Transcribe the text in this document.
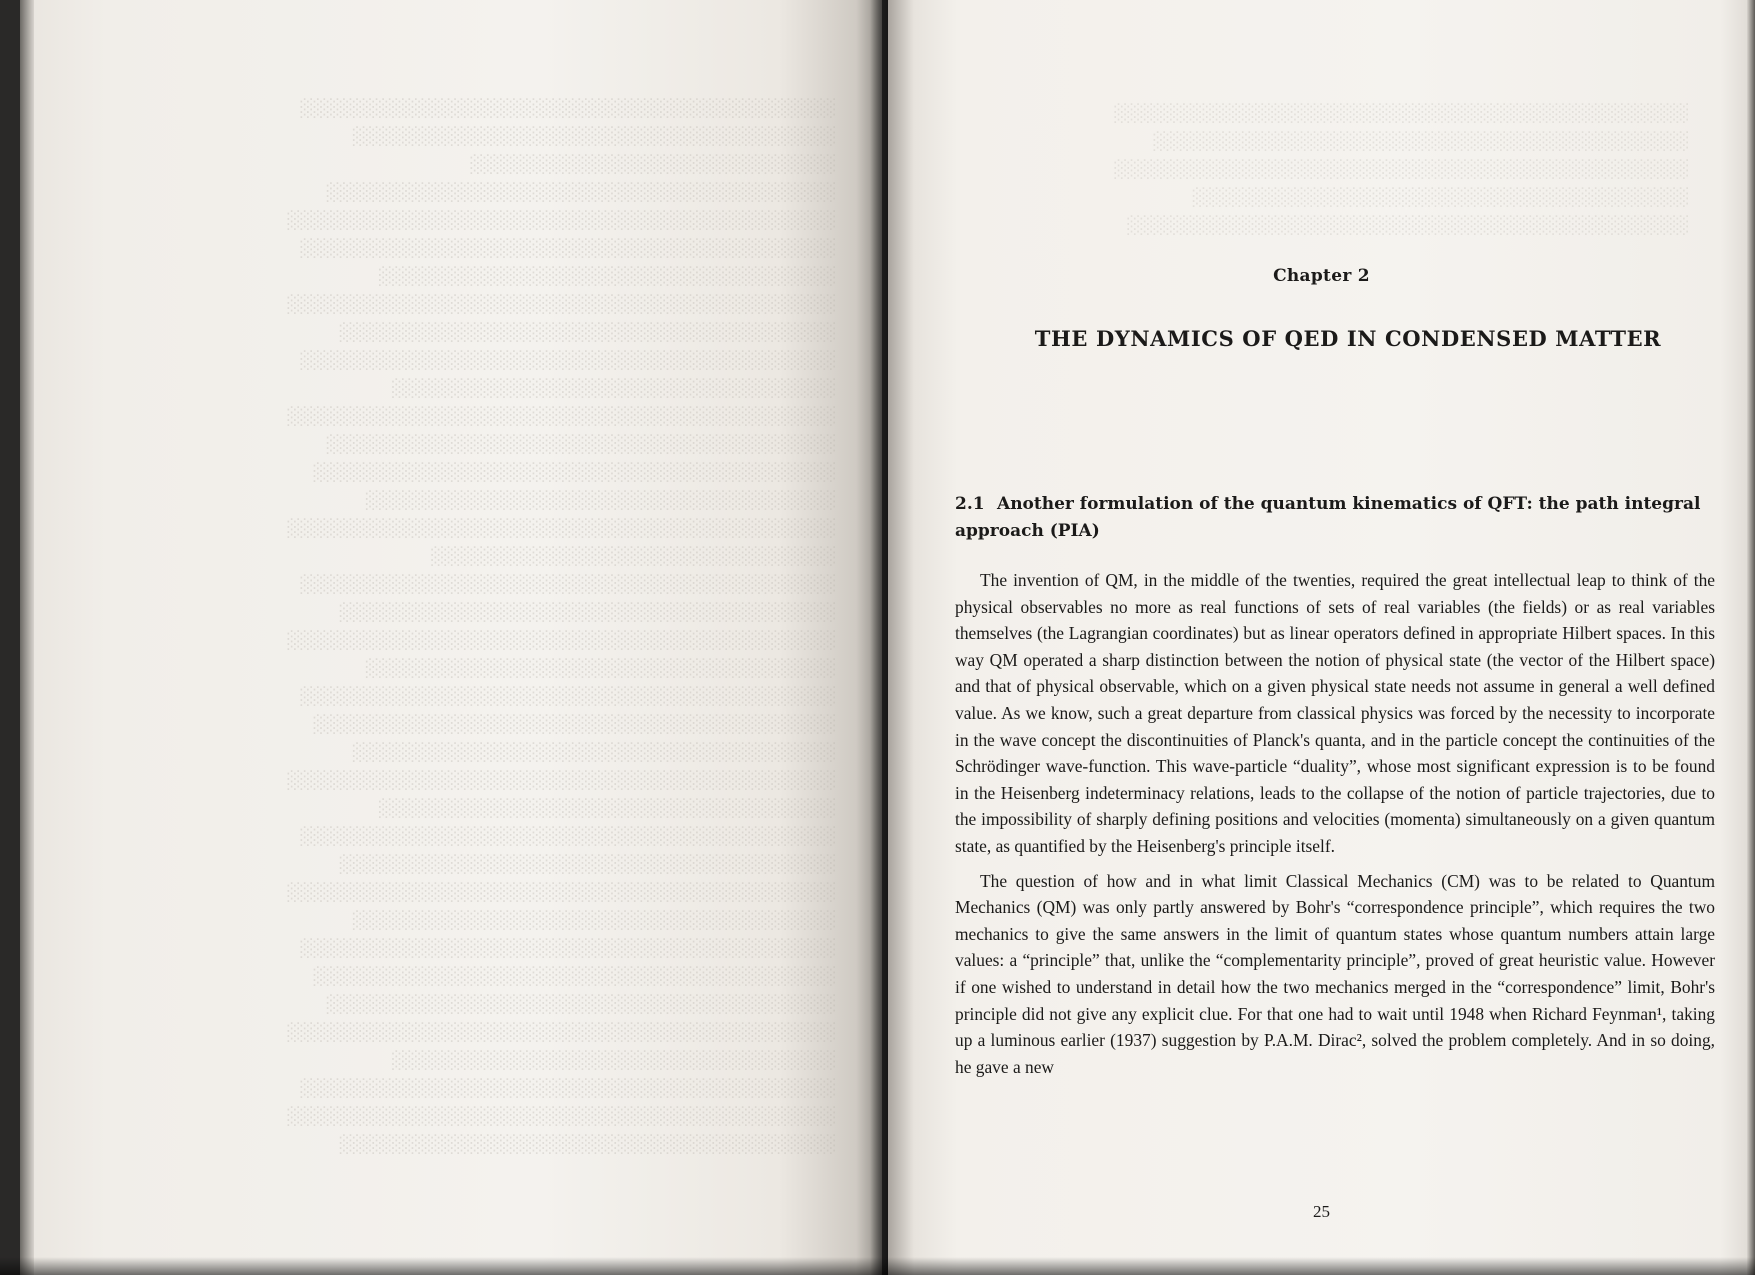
░░░░░░░░░░░░░░░░░░░░░░░░░░░░░░░░░░░░░░░░░
░░░░░░░░░░░░░░░░░░░░░░░░░░░░░░░░░░░░░
░░░░░░░░░░░░░░░░░░░░░░░░░░░░
░░░░░░░░░░░░░░░░░░░░░░░░░░░░░░░░░░░░░░░
░░░░░░░░░░░░░░░░░░░░░░░░░░░░░░░░░░░░░░░░░░
░░░░░░░░░░░░░░░░░░░░░░░░░░░░░░░░░░░░░░░░░
░░░░░░░░░░░░░░░░░░░░░░░░░░░░░░░░░░░
░░░░░░░░░░░░░░░░░░░░░░░░░░░░░░░░░░░░░░░░░░
░░░░░░░░░░░░░░░░░░░░░░░░░░░░░░░░░░░░░░
░░░░░░░░░░░░░░░░░░░░░░░░░░░░░░░░░░░░░░░░░
░░░░░░░░░░░░░░░░░░░░░░░░░░░░░░░░░░
░░░░░░░░░░░░░░░░░░░░░░░░░░░░░░░░░░░░░░░░░░
░░░░░░░░░░░░░░░░░░░░░░░░░░░░░░░░░░░░░░░
░░░░░░░░░░░░░░░░░░░░░░░░░░░░░░░░░░░░░░░░
░░░░░░░░░░░░░░░░░░░░░░░░░░░░░░░░░░░░
░░░░░░░░░░░░░░░░░░░░░░░░░░░░░░░░░░░░░░░░░░
░░░░░░░░░░░░░░░░░░░░░░░░░░░░░░░
░░░░░░░░░░░░░░░░░░░░░░░░░░░░░░░░░░░░░░░░░
░░░░░░░░░░░░░░░░░░░░░░░░░░░░░░░░░░░░░░
░░░░░░░░░░░░░░░░░░░░░░░░░░░░░░░░░░░░░░░░░░
░░░░░░░░░░░░░░░░░░░░░░░░░░░░░░░░░░░░
░░░░░░░░░░░░░░░░░░░░░░░░░░░░░░░░░░░░░░░░░
░░░░░░░░░░░░░░░░░░░░░░░░░░░░░░░░░░░░░░░░
░░░░░░░░░░░░░░░░░░░░░░░░░░░░░░░░░░░░░
░░░░░░░░░░░░░░░░░░░░░░░░░░░░░░░░░░░░░░░░░░
░░░░░░░░░░░░░░░░░░░░░░░░░░░░░░░░░░░
░░░░░░░░░░░░░░░░░░░░░░░░░░░░░░░░░░░░░░░░░
░░░░░░░░░░░░░░░░░░░░░░░░░░░░░░░░░░░░░░
░░░░░░░░░░░░░░░░░░░░░░░░░░░░░░░░░░░░░░░░░░
░░░░░░░░░░░░░░░░░░░░░░░░░░░░░░░░░░░░░
░░░░░░░░░░░░░░░░░░░░░░░░░░░░░░░░░░░░░░░░░
░░░░░░░░░░░░░░░░░░░░░░░░░░░░░░░░░░░░░░░░
░░░░░░░░░░░░░░░░░░░░░░░░░░░░░░░░░░░░░░░
░░░░░░░░░░░░░░░░░░░░░░░░░░░░░░░░░░░░░░░░░░
░░░░░░░░░░░░░░░░░░░░░░░░░░░░░░░░░░
░░░░░░░░░░░░░░░░░░░░░░░░░░░░░░░░░░░░░░░░░
░░░░░░░░░░░░░░░░░░░░░░░░░░░░░░░░░░░░░░░░░░
░░░░░░░░░░░░░░░░░░░░░░░░░░░░░░░░░░░░░░
░░░░░░░░░░░░░░░░░░░░░░░░░░░░░░░░░░░░░░░░░░░░
░░░░░░░░░░░░░░░░░░░░░░░░░░░░░░░░░░░░░░░░░
░░░░░░░░░░░░░░░░░░░░░░░░░░░░░░░░░░░░░░░░░░░░
░░░░░░░░░░░░░░░░░░░░░░░░░░░░░░░░░░░░░░
░░░░░░░░░░░░░░░░░░░░░░░░░░░░░░░░░░░░░░░░░░░
Chapter 2
THE DYNAMICS OF QED IN CONDENSED MATTER
2.1 Another formulation of the quantum kinematics of QFT: the path integral approach (PIA)

The invention of QM, in the middle of the twenties, required the great intellectual leap to think of the physical observables no more as real functions of sets of real variables (the fields) or as real variables themselves (the Lagrangian coordinates) but as linear operators defined in appropriate Hilbert spaces. In this way QM operated a sharp distinction between the notion of physical state (the vector of the Hilbert space) and that of physical observable, which on a given physical state needs not assume in general a well defined value. As we know, such a great departure from classical physics was forced by the necessity to incorporate in the wave concept the discontinuities of Planck's quanta, and in the particle concept the continuities of the Schrödinger wave-function. This wave-particle “duality”, whose most significant expression is to be found in the Heisenberg indeterminacy relations, leads to the collapse of the notion of particle trajectories, due to the impossibility of sharply defining positions and velocities (momenta) simultaneously on a given quantum state, as quantified by the Heisenberg's principle itself.

The question of how and in what limit Classical Mechanics (CM) was to be related to Quantum Mechanics (QM) was only partly answered by Bohr's “correspondence principle”, which requires the two mechanics to give the same answers in the limit of quantum states whose quantum numbers attain large values: a “principle” that, unlike the “complementarity principle”, proved of great heuristic value. However if one wished to understand in detail how the two mechanics merged in the “correspondence” limit, Bohr's principle did not give any explicit clue. For that one had to wait until 1948 when Richard Feynman¹, taking up a luminous earlier (1937) suggestion by P.A.M. Dirac², solved the problem completely. And in so doing, he gave a new

25
